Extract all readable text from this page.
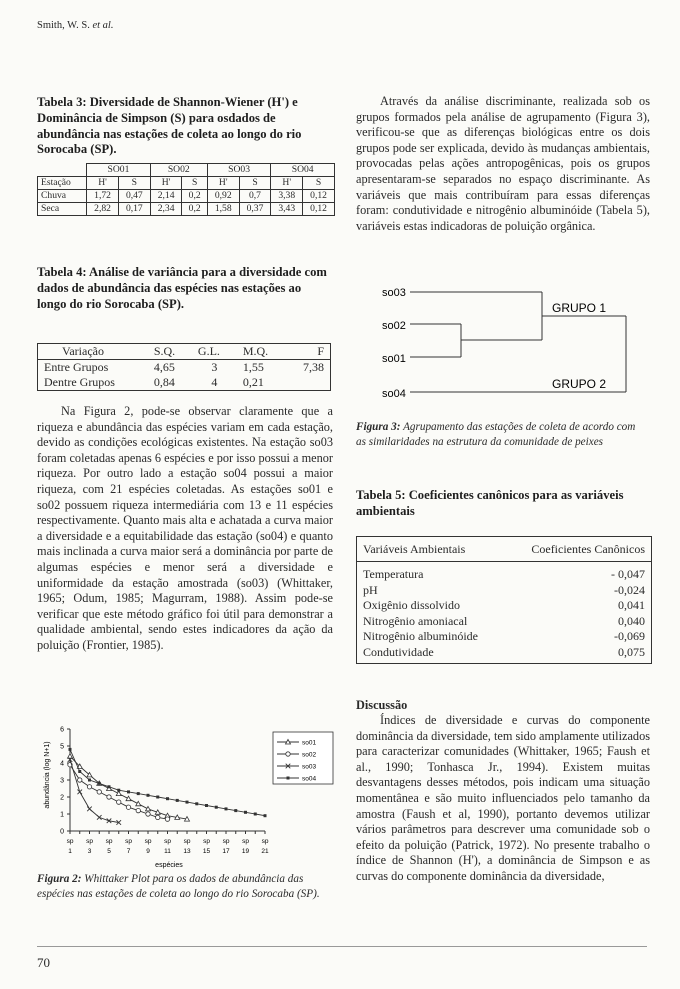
Smith, W. S. et al.
Tabela 3: Diversidade de Shannon-Wiener (H') e Dominância de Simpson (S) para osdados de abundância nas estações de coleta ao longo do rio Sorocaba (SP).
	SO01		SO02		SO03		SO04	
Estação	H'	S	H'	S	H'	S	H'	S
Chuva	1,72	0,47	2,14	0,2	0,92	0,7	3,38	0,12
Seca	2,82	0,17	2,34	0,2	1,58	0,37	3,43	0,12
Tabela 4: Análise de variância para a diversidade com dados de abundância das espécies nas estações ao longo do rio Sorocaba (SP).
Variação	S.Q.	G.L.	M.Q.	F
Entre Grupos	4,65	3	1,55	7,38
Dentre Grupos	0,84	4	0,21	
Na Figura 2, pode-se observar claramente que a riqueza e abundância das espécies variam em cada estação, devido as condições ecológicas existentes. Na estação so03 foram coletadas apenas 6 espécies e por isso possui a menor riqueza. Por outro lado a estação so04 possui a maior riqueza, com 21 espécies coletadas. As estações so01 e so02 possuem riqueza intermediária com 13 e 11 espécies respectivamente. Quanto mais alta e achatada a curva maior a diversidade e a equitabilidade das estação (so04) e quanto mais inclinada a curva maior será a dominância por parte de algumas espécies e menor será a diversidade e uniformidade da estação amostrada (so03) (Whittaker, 1965; Odum, 1985; Magurram, 1988). Assim pode-se verificar que este método gráfico foi útil para demonstrar a qualidade ambiental, sendo estes indicadores da ação da poluição (Frontier, 1985).
0
1
2
3
4
5
6
sp
1
sp
3
sp
5
sp
7
sp
9
sp
11
sp
13
sp
15
sp
17
sp
19
sp
21
so01
so02
so03
so04
abundância (log N+1)
espécies
Figura 2: Whittaker Plot para os dados de abundância das espécies nas estações de coleta ao longo do rio Sorocaba (SP).
Através da análise discriminante, realizada sob os grupos formados pela análise de agrupamento (Figura 3), verificou-se que as diferenças biológicas entre os dois grupos pode ser explicada, devido às mudanças ambientais, provocadas pelas ações antropogênicas, pois os grupos apresentaram-se separados no espaço discriminante. As variáveis que mais contribuíram para essas diferenças foram: condutividade e nitrogênio albuminóide (Tabela 5), variáveis estas indicadoras de poluição orgânica.
so03
so02
so01
so04
GRUPO 1
GRUPO 2
Figura 3: Agrupamento das estações de coleta de acordo com as similaridades na estrutura da comunidade de peixes
Tabela 5: Coeficientes canônicos para as variáveis ambientais
Variáveis Ambientais	Coeficientes Canônicos
Temperatura	- 0,047
pH	-0,024
Oxigênio dissolvido	0,041
Nitrogênio amoniacal	0,040
Nitrogênio albuminóide	-0,069
Condutividade	0,075
Discussão
Índices de diversidade e curvas do componente dominância da diversidade, tem sido amplamente utilizados para caracterizar comunidades (Whittaker, 1965; Faush et al., 1990; Tonhasca Jr., 1994). Existem muitas desvantagens desses métodos, pois indicam uma situação momentânea e são muito influenciados pelo tamanho da amostra (Faush et al, 1990), portanto devemos utilizar vários parâmetros para descrever uma comunidade sob o efeito da poluição (Patrick, 1972). No presente trabalho o índice de Shannon (H'), a dominância de Simpson e as curvas do componente dominância da diversidade,
70
